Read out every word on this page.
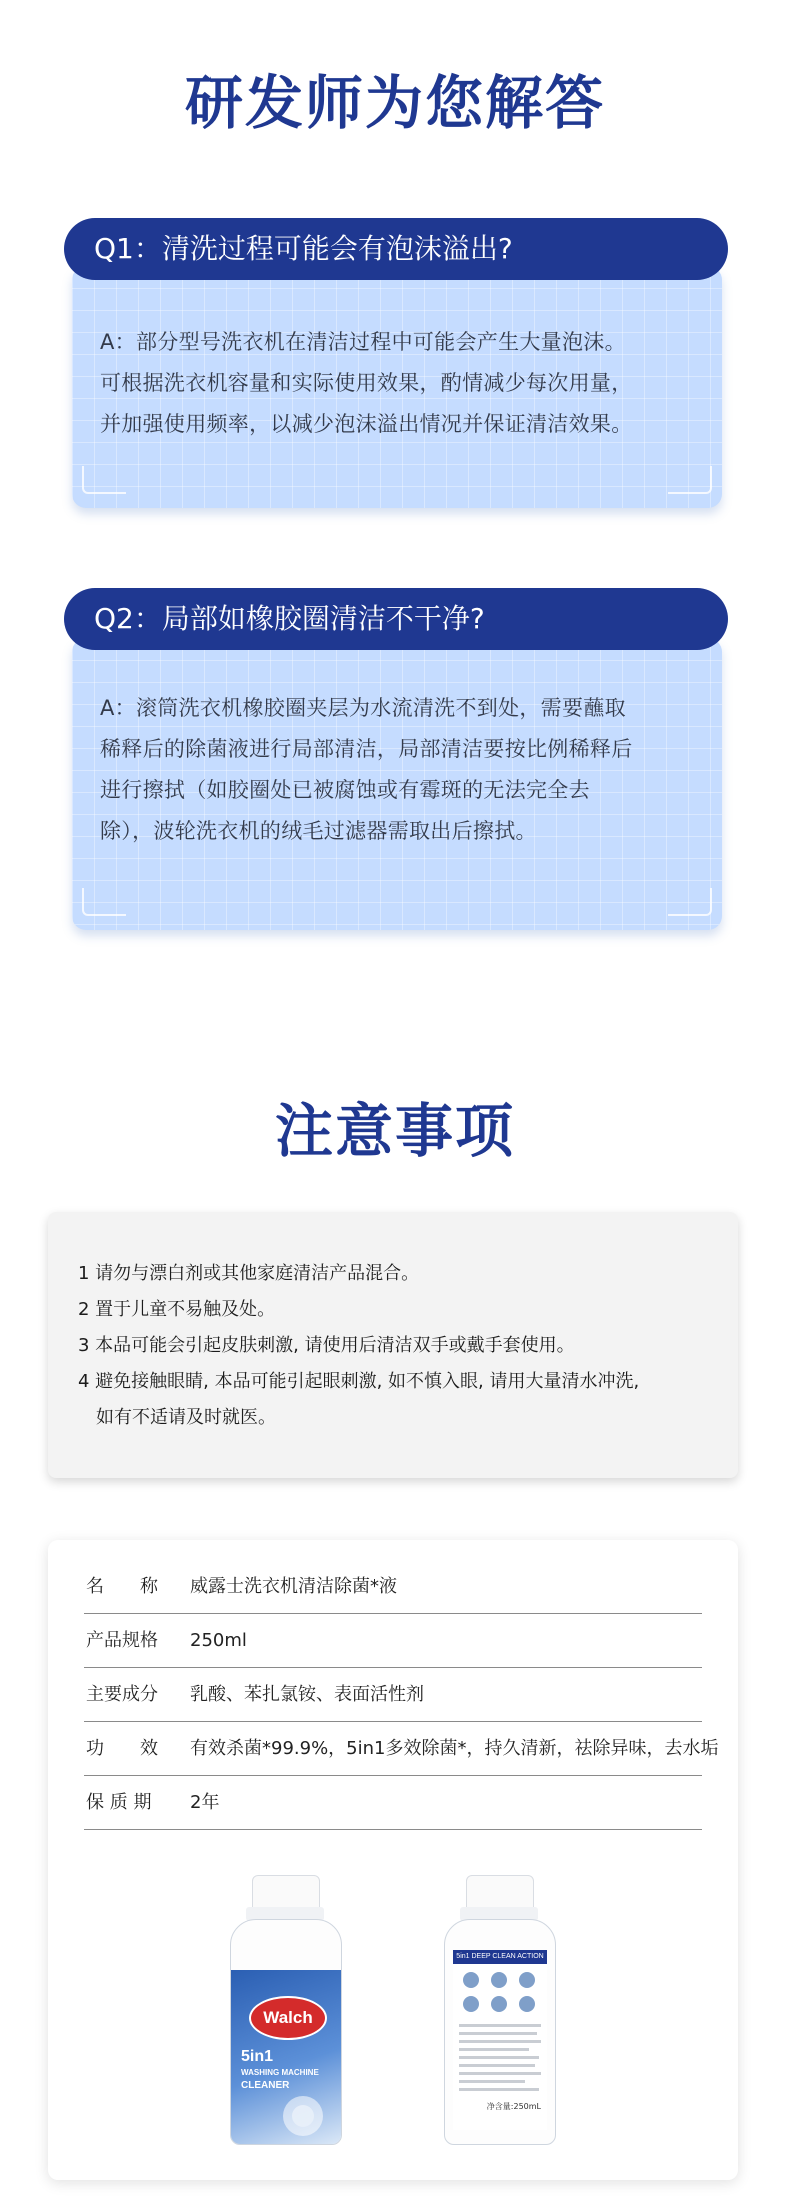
研发师为您解答
Q1：清洗过程可能会有泡沫溢出?
A：部分型号洗衣机在清洁过程中可能会产生大量泡沫。
可根据洗衣机容量和实际使用效果，酌情减少每次用量，
并加强使用频率，以减少泡沫溢出情况并保证清洁效果。
Q2：局部如橡胶圈清洁不干净?
A：滚筒洗衣机橡胶圈夹层为水流清洗不到处，需要蘸取
稀释后的除菌液进行局部清洁，局部清洁要按比例稀释后
进行擦拭（如胶圈处已被腐蚀或有霉斑的无法完全去
除），波轮洗衣机的绒毛过滤器需取出后擦拭。
注意事项
1 请勿与漂白剂或其他家庭清洁产品混合。
2 置于儿童不易触及处。
3 本品可能会引起皮肤刺激, 请使用后清洁双手或戴手套使用。
4 避免接触眼睛, 本品可能引起眼刺激, 如不慎入眼, 请用大量清水冲洗,
如有不适请及时就医。
名　　称	威露士洗衣机清洁除菌*液
产品规格	250ml
主要成分	乳酸、苯扎氯铵、表面活性剂
功　　效	有效杀菌*99.9%，5in1多效除菌*，持久清新，祛除异味，去水垢
保 质 期	2年
Walch
5in1
WASHING MACHINE
CLEANER
5in1 DEEP CLEAN ACTION
净含量:250mL
